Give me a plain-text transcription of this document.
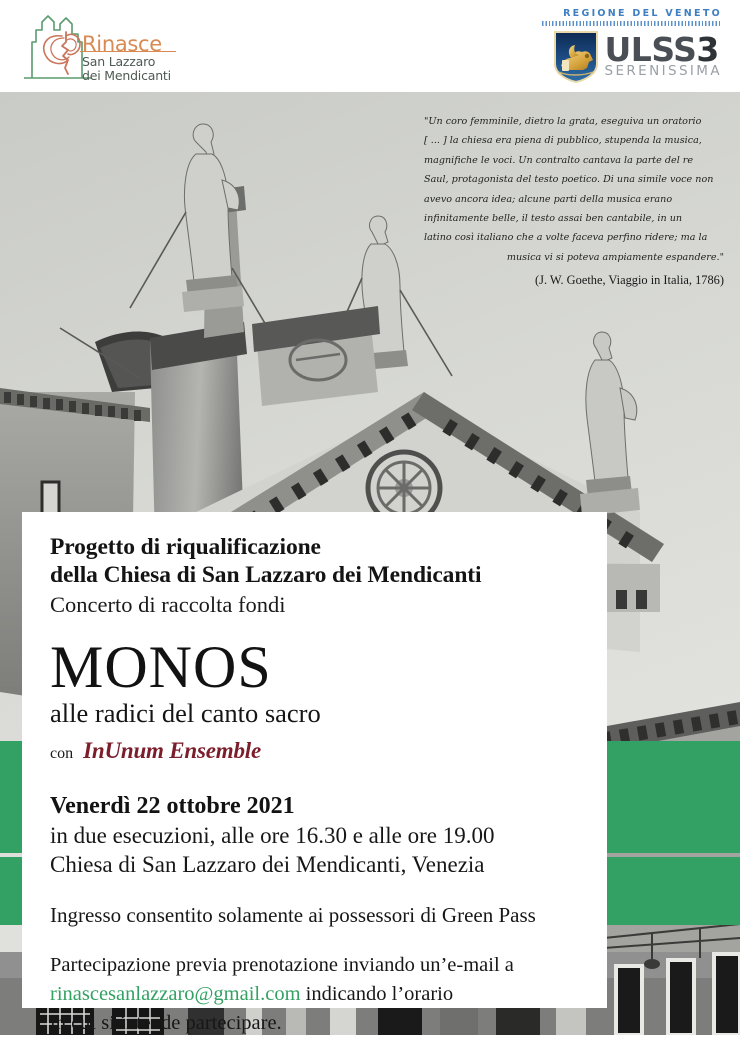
Rinasce
San Lazzaro
dei Mendicanti
REGIONE DEL VENETO
ULSS3
SERENISSIMA
"Un coro femminile, dietro la grata, eseguiva un oratorio
[ ... ] la chiesa era piena di pubblico, stupenda la musica,
magnifiche le voci. Un contralto cantava la parte del re
Saul, protagonista del testo poetico. Di una simile voce non
avevo ancora idea; alcune parti della musica erano
infinitamente belle, il testo assai ben cantabile, in un
latino così italiano che a volte faceva perfino ridere; ma la
musica vi si poteva ampiamente espandere."
(J. W. Goethe, Viaggio in Italia, 1786)
Progetto di riqualificazione
della Chiesa di San Lazzaro dei Mendicanti
Concerto di raccolta fondi
MONOS
alle radici del canto sacro
con InUnum Ensemble
Venerdì 22 ottobre 2021
in due esecuzioni, alle ore 16.30 e alle ore 19.00
Chiesa di San Lazzaro dei Mendicanti, Venezia
Ingresso consentito solamente ai possessori di Green Pass
Partecipazione previa prenotazione inviando un’e-mail a
rinascesanlazzaro@gmail.com indicando l’orario
in cui si intende partecipare.
